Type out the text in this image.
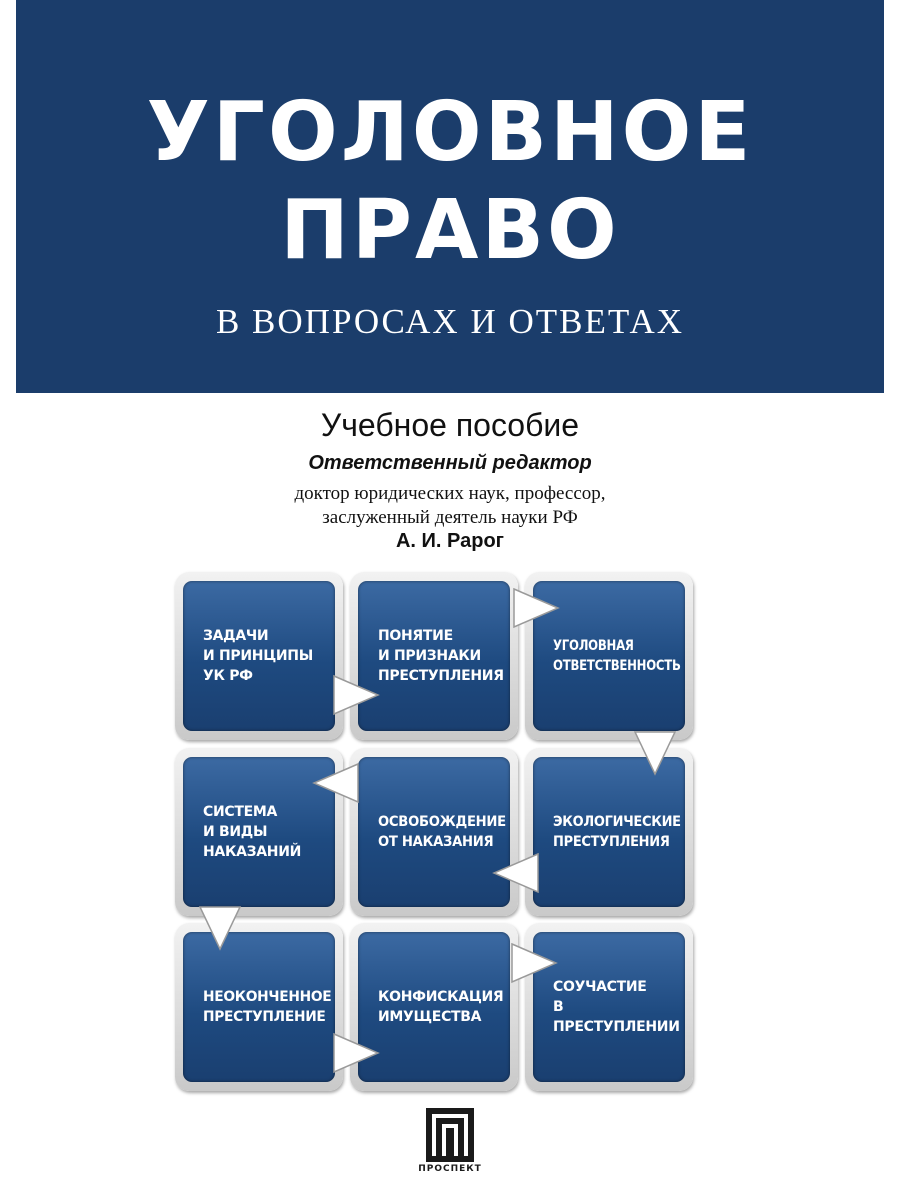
УГОЛОВНОЕ
ПРАВО
В ВОПРОСАХ И ОТВЕТАХ
Учебное пособие
Ответственный редактор
доктор юридических наук, профессор,
заслуженный деятель науки РФ
А. И. Рарог
ЗАДАЧИ
И ПРИНЦИПЫ
УК РФ
ПОНЯТИЕ
И ПРИЗНАКИ
ПРЕСТУПЛЕНИЯ
УГОЛОВНАЯ
ОТВЕТСТВЕННОСТЬ
СИСТЕМА
И ВИДЫ
НАКАЗАНИЙ
ОСВОБОЖДЕНИЕ
ОТ НАКАЗАНИЯ
ЭКОЛОГИЧЕСКИЕ
ПРЕСТУПЛЕНИЯ
НЕОКОНЧЕННОЕ
ПРЕСТУПЛЕНИЕ
КОНФИСКАЦИЯ
ИМУЩЕСТВА
СОУЧАСТИЕ
В ПРЕСТУПЛЕНИИ
ПРОСПЕКТ
